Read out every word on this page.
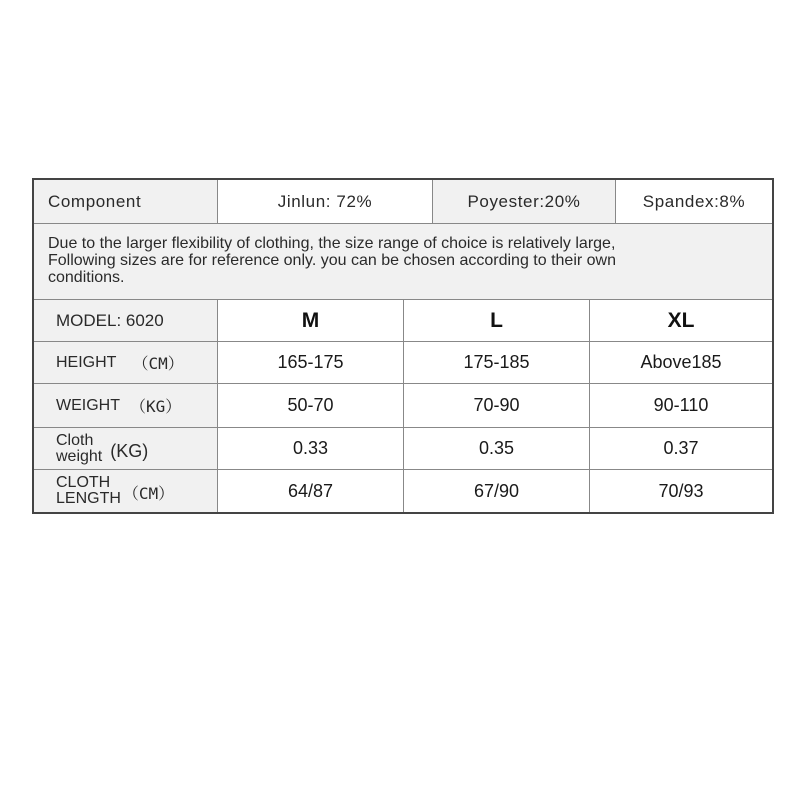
Component	Jinlun: 72%	Poyester:20%	Spandex:8%
Due to the larger flexibility of clothing, the size range of choice is relatively large,
Following sizes are for reference only. you can be chosen according to their own
conditions.
MODEL: 6020	M	L	XL
HEIGHT （CM）	165-175	175-185	Above185
WEIGHT （KG）	50-70	70-90	90-110
Cloth
weight (KG)	0.33	0.35	0.37
CLOTH
LENGTH （CM）	64/87	67/90	70/93
